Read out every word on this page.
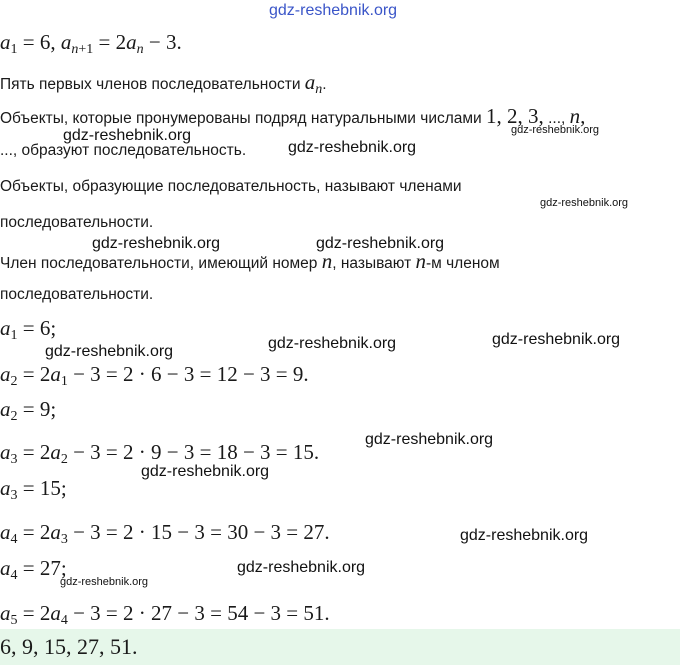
gdz-reshebnik.org
$a_1 = 6$, $a_{n+1} = 2a_n - 3$.
Пять первых членов последовательности $a_n$.
Объекты, которые пронумерованы подряд натуральными числами 1, 2, 3, ..., n,
gdz-reshebnik.org	gdz-reshebnik.org
..., образуют последовательность.	gdz-reshebnik.org
Объекты, образующие последовательность, называют членами
gdz-reshebnik.org
последовательности.
gdz-reshebnik.org	gdz-reshebnik.org
Член последовательности, имеющий номер n, называют n-м членом
последовательности.
$a_1 = 6$;
gdz-reshebnik.org	gdz-reshebnik.org	gdz-reshebnik.org
$a_2 = 2a_1 - 3 = 2 \cdot 6 - 3 = 12 - 3 = 9$.
$a_2 = 9$;
gdz-reshebnik.org
$a_3 = 2a_2 - 3 = 2 \cdot 9 - 3 = 18 - 3 = 15$.
gdz-reshebnik.org
$a_3 = 15$;
$a_4 = 2a_3 - 3 = 2 \cdot 15 - 3 = 30 - 3 = 27$.	gdz-reshebnik.org
$a_4 = 27$;	gdz-reshebnik.org
gdz-reshebnik.org
$a_5 = 2a_4 - 3 = 2 \cdot 27 - 3 = 54 - 3 = 51$.
6, 9, 15, 27, 51.
